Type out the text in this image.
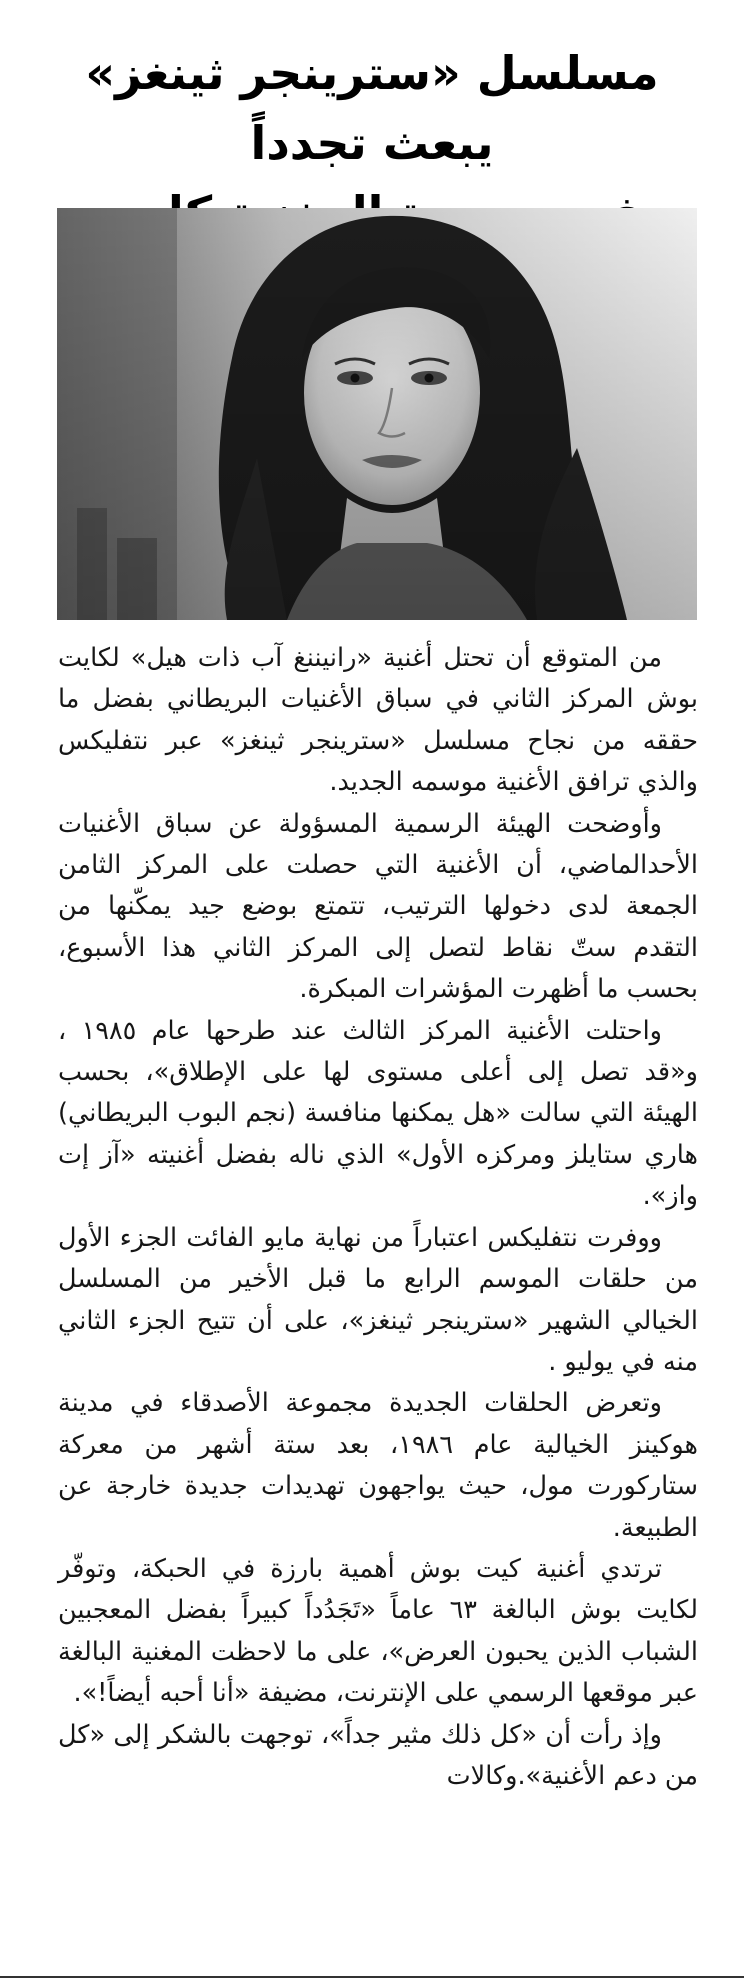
مسلسل «سترينجر ثينغز» يبعث تجدداً

من المتوقع أن تحتل أغنية «رانيننغ آب ذات هيل» لكايت بوش المركز الثاني في سباق الأغنيات البريطاني بفضل ما حققه من نجاح مسلسل «سترينجر ثينغز» عبر نتفليكس والذي ترافق الأغنية موسمه الجديد.

وأوضحت الهيئة الرسمية المسؤولة عن سباق الأغنيات الأحدالماضي، أن الأغنية التي حصلت على المركز الثامن الجمعة لدى دخولها الترتيب، تتمتع بوضع جيد يمكّنها من التقدم ستّ نقاط لتصل إلى المركز الثاني هذا الأسبوع، بحسب ما أظهرت المؤشرات المبكرة.

واحتلت الأغنية المركز الثالث عند طرحها عام ١٩٨٥ ، و«قد تصل إلى أعلى مستوى لها على الإطلاق»، بحسب الهيئة التي سالت «هل يمكنها منافسة (نجم البوب البريطاني) هاري ستايلز ومركزه الأول» الذي ناله بفضل أغنيته «آز إت واز».

ووفرت نتفليكس اعتباراً من نهاية مايو الفائت الجزء الأول من حلقات الموسم الرابع ما قبل الأخير من المسلسل الخيالي الشهير «سترينجر ثينغز»، على أن تتيح الجزء الثاني منه في يوليو .

وتعرض الحلقات الجديدة مجموعة الأصدقاء في مدينة هوكينز الخيالية عام ١٩٨٦، بعد ستة أشهر من معركة ستاركورت مول، حيث يواجهون تهديدات جديدة خارجة عن الطبيعة.

ترتدي أغنية كيت بوش أهمية بارزة في الحبكة، وتوفّر لكايت بوش البالغة ٦٣ عاماً «تَجَدُداً كبيراً بفضل المعجبين الشباب الذين يحبون العرض»، على ما لاحظت المغنية البالغة عبر موقعها الرسمي على الإنترنت، مضيفة «أنا أحبه أيضاً!».

وإذ رأت أن «كل ذلك مثير جداً»، توجهت بالشكر إلى «كل من دعم الأغنية».وكالات
